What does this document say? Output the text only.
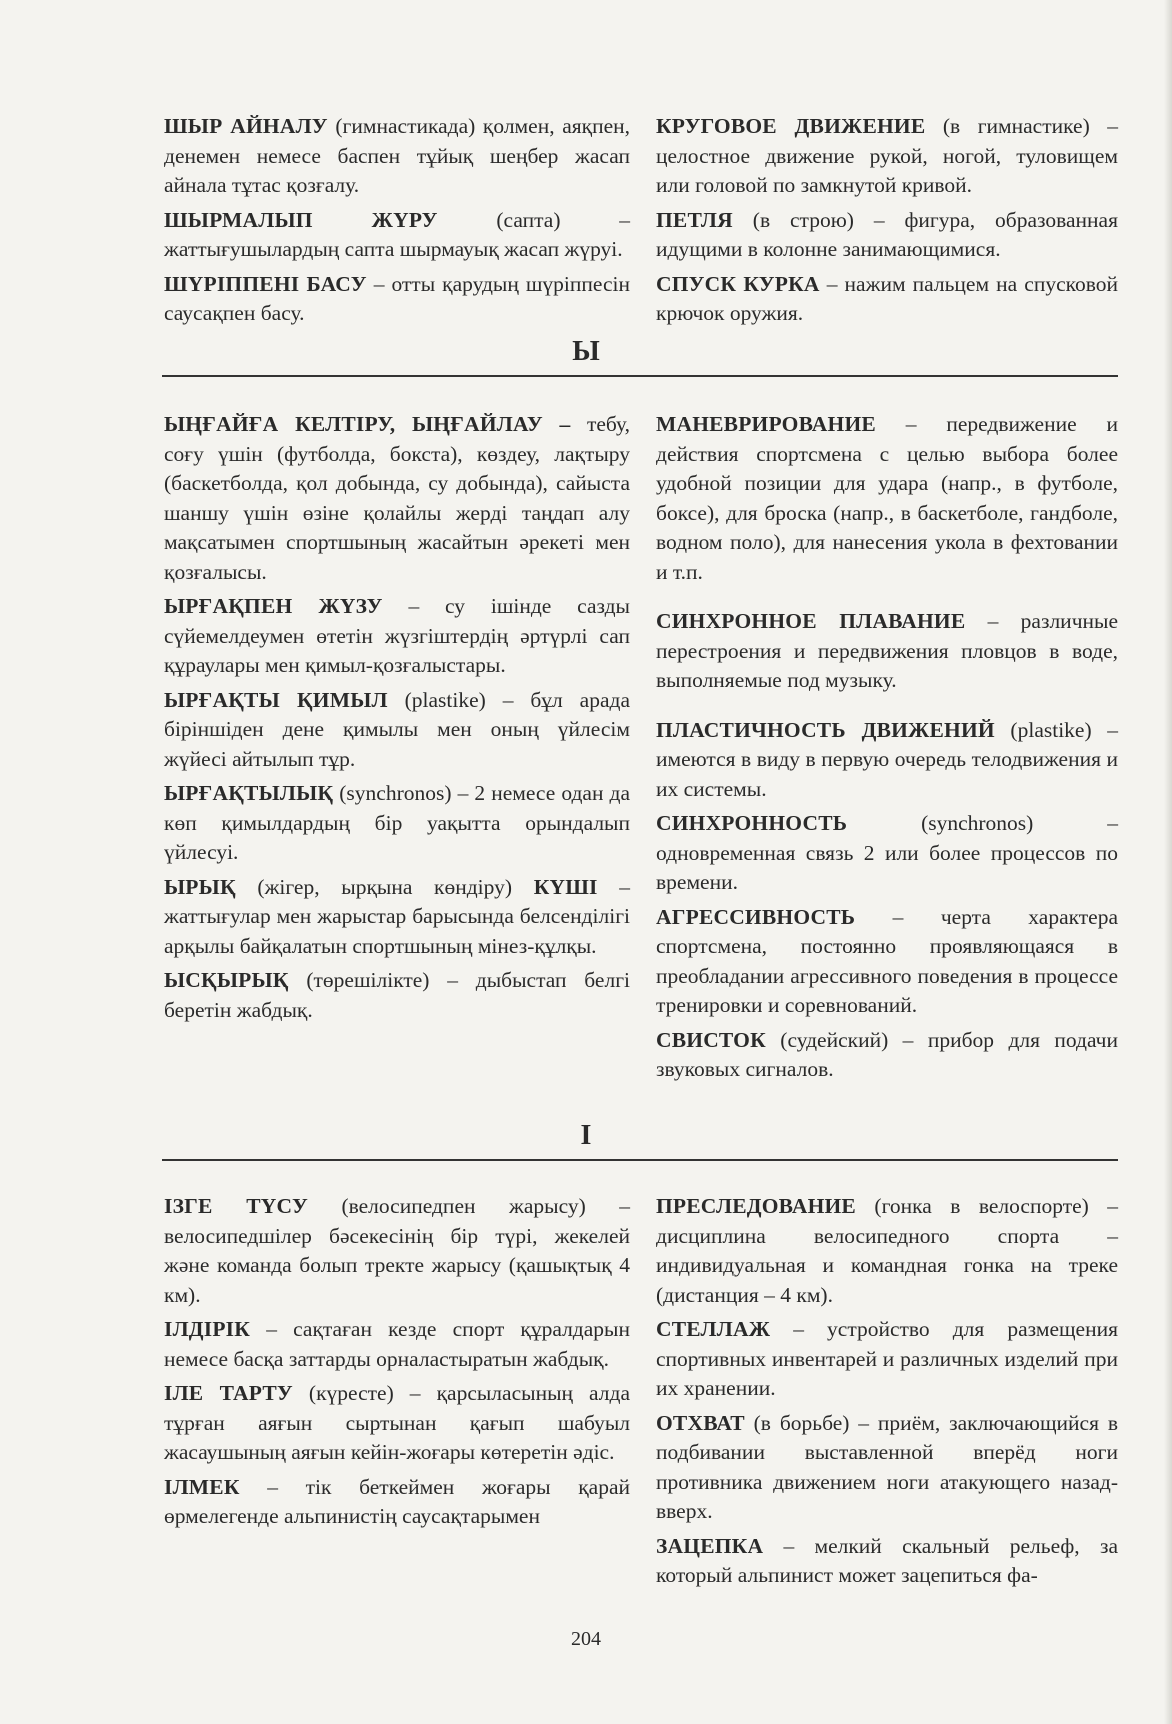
ШЫР АЙНАЛУ (гимнастикада) қолмен, аяқпен, денемен немесе баспен тұйық шеңбер жасап айнала тұтас қозғалу.
ШЫРМАЛЫП ЖҮРУ (сапта) – жаттығушылардың сапта шырмауық жасап жүруі.
ШҮРІППЕНІ БАСУ – отты қарудың шүріппесін саусақпен басу.
КРУГОВОЕ ДВИЖЕНИЕ (в гимнастике) – целостное движение рукой, ногой, туловищем или головой по замкнутой кривой.
ПЕТЛЯ (в строю) – фигура, образованная идущими в колонне занимающимися.
СПУСК КУРКА – нажим пальцем на спусковой крючок оружия.
Ы
ЫҢҒАЙҒА КЕЛТІРУ, ЫҢҒАЙЛАУ – тебу, соғу үшін (футболда, бокста), көздеу, лақтыру (баскетболда, қол добында, су добында), сайыста шаншу үшін өзіне қолайлы жерді таңдап алу мақсатымен спортшының жасайтын әрекеті мен қозғалысы.
ЫРҒАҚПЕН ЖҮЗУ – су ішінде сазды сүйемелдеумен өтетін жүзгіштердің әртүрлі сап құраулары мен қимыл-қозғалыстары.
ЫРҒАҚТЫ ҚИМЫЛ (plastike) – бұл арада біріншіден дене қимылы мен оның үйлесім жүйесі айтылып тұр.
ЫРҒАҚТЫЛЫҚ (synchronos) – 2 немесе одан да көп қимылдардың бір уақытта орындалып үйлесуі.
ЫРЫҚ (жігер, ырқына көндіру) КҮШІ – жаттығулар мен жарыстар барысында белсенділігі арқылы байқалатын спортшының мінез-құлқы.
ЫСҚЫРЫҚ (төрешілікте) – дыбыстап белгі беретін жабдық.
МАНЕВРИРОВАНИЕ – передвижение и действия спортсмена с целью выбора более удобной позиции для удара (напр., в футболе, боксе), для броска (напр., в баскетболе, гандболе, водном поло), для нанесения укола в фехтовании и т.п.
СИНХРОННОЕ ПЛАВАНИЕ – различные перестроения и передвижения пловцов в воде, выполняемые под музыку.
ПЛАСТИЧНОСТЬ ДВИЖЕНИЙ (plastike) – имеются в виду в первую очередь телодвижения и их системы.
СИНХРОННОСТЬ (synchronos) – одновременная связь 2 или более процессов по времени.
АГРЕССИВНОСТЬ – черта характера спортсмена, постоянно проявляющаяся в преобладании агрессивного поведения в процессе тренировки и соревнований.
СВИСТОК (судейский) – прибор для подачи звуковых сигналов.
І
ІЗГЕ ТҮСУ (велосипедпен жарысу) – велосипедшілер бәсекесінің бір түрі, жекелей және команда болып тректе жарысу (қашықтық 4 км).
ІЛДІРІК – сақтаған кезде спорт құралдарын немесе басқа заттарды орналастыратын жабдық.
ІЛЕ ТАРТУ (күресте) – қарсыласының алда тұрған аяғын сыртынан қағып шабуыл жасаушының аяғын кейін-жоғары көтеретін әдіс.
ІЛМЕК – тік беткеймен жоғары қарай өрмелегенде альпинистің саусақтарымен
ПРЕСЛЕДОВАНИЕ (гонка в велоспорте) – дисциплина велосипедного спорта – индивидуальная и командная гонка на треке (дистанция – 4 км).
СТЕЛЛАЖ – устройство для размещения спортивных инвентарей и различных изделий при их хранении.
ОТХВАТ (в борьбе) – приём, заключающийся в подбивании выставленной вперёд ноги противника движением ноги атакующего назад-вверх.
ЗАЦЕПКА – мелкий скальный рельеф, за который альпинист может зацепиться фа-
204
